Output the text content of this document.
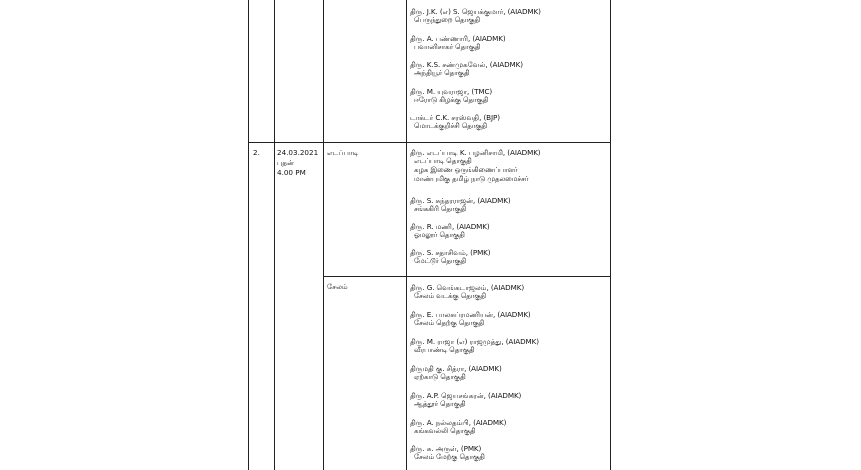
திரு. J.K. (எ) S. ஜெயக்குமார், (AIADMK)
பெருந்துறை தொகுதி
திரு. A. பண்ணாரி, (AIADMK)
பவானிசாகர் தொகுதி
திரு. K.S. சண்முகவேல், (AIADMK)
அந்தியூர் தொகுதி
திரு. M. யுவராஜா, (TMC)
ஈரோடு கிழக்கு தொகுதி
டாக்டர் C.K. சரஸ்வதி, (BJP)
மொடக்குறிச்சி தொகுதி
2. 24.03.2021
புதன்
4.00 PM
எடப்பாடி
சேலம்
திரு. எடப்பாடி K. பழனிசாமி, (AIADMK)
எடப்பாடி தொகுதி
கழக இணை ஒருங்கிணைப்பாளர்
மாண்புமிகு தமிழ் நாடு முதலமைச்சர்
திரு. S. சுந்தரராஜன், (AIADMK)
சங்ககிரி தொகுதி
திரு. R. மணி, (AIADMK)
ஓமலூர் தொகுதி
திரு. S. சதாசிவம், (PMK)
மேட்டூர் தொகுதி
திரு. G. வெங்கடாஜலம், (AIADMK)
சேலம் வடக்கு தொகுதி
திரு. E. பாலசுப்ரமணியன், (AIADMK)
சேலம் தெற்கு தொகுதி
திரு. M. ராஜா (எ) ராஜமுத்து, (AIADMK)
வீரபாண்டி தொகுதி
திருமதி கு. சித்ரா, (AIADMK)
ஏற்காடு தொகுதி
திரு. A.P. ஜெயசங்கரன், (AIADMK)
ஆத்தூர் தொகுதி
திரு. A. நல்லதம்பி, (AIADMK)
கங்கவல்லி தொகுதி
திரு. சு. அருள், (PMK)
சேலம் மேற்கு தொகுதி
